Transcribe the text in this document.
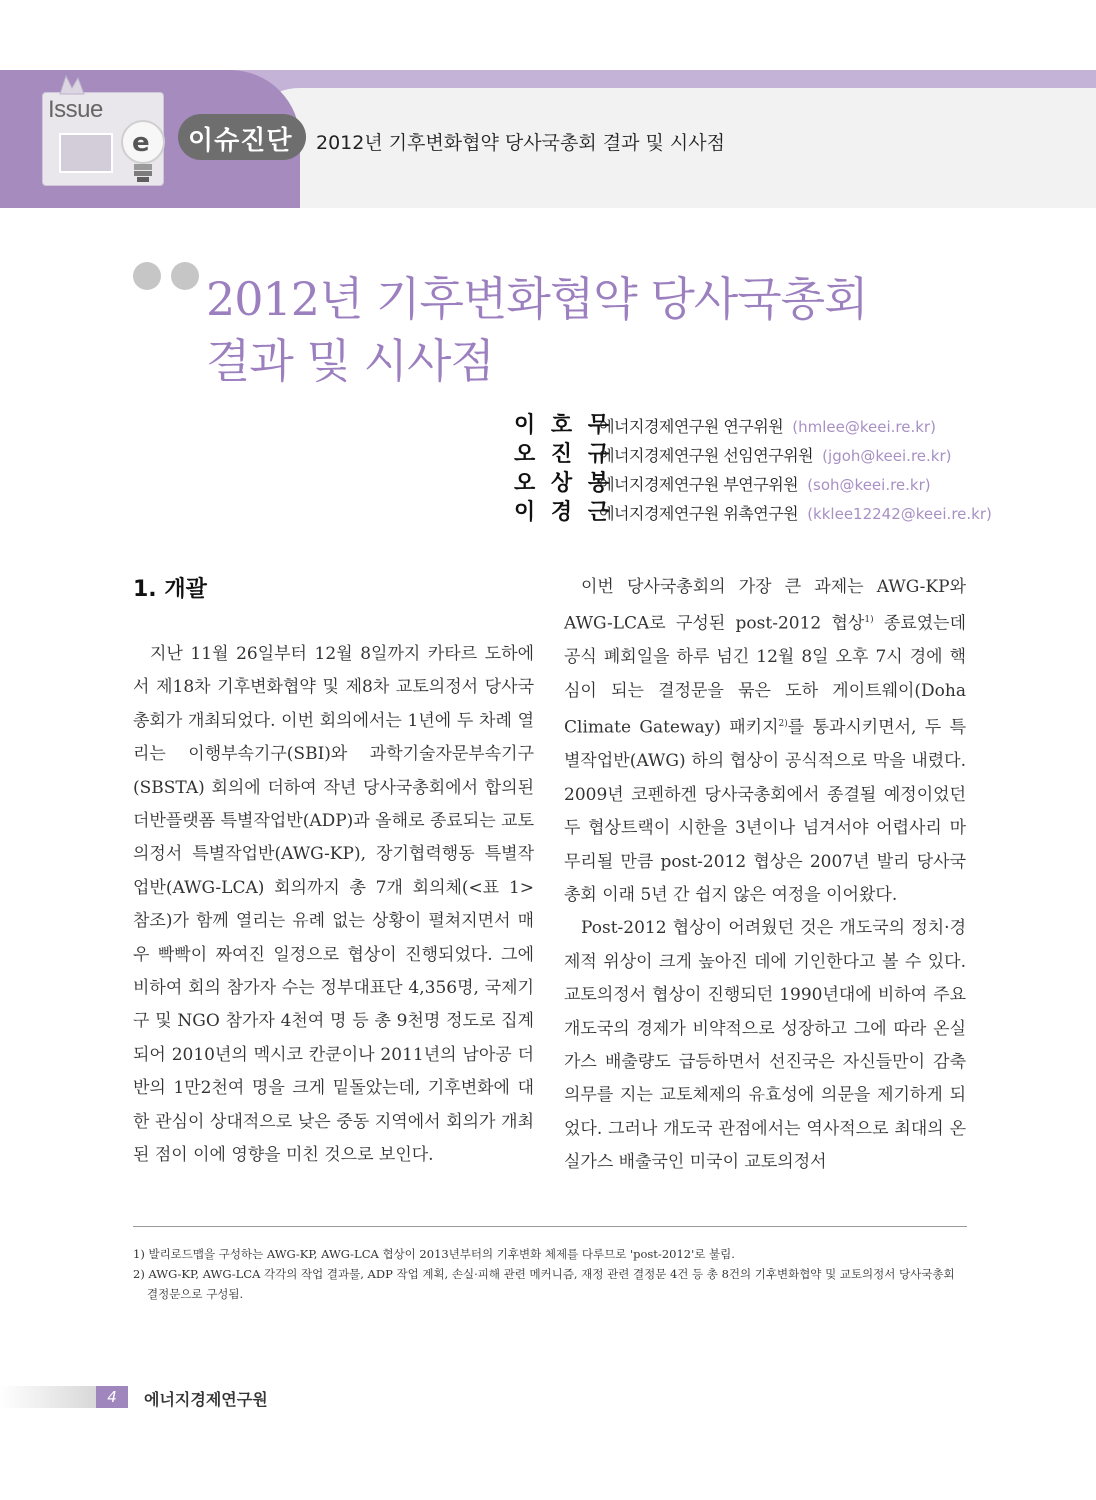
Issue
e 이슈진단 2012년 기후변화협약 당사국총회 결과 및 시사점
2012년 기후변화협약 당사국총회
결과 및 시사점
이 호 무 에너지경제연구원 연구위원 (hmlee@keei.re.kr)
오 진 규 에너지경제연구원 선임연구위원 (jgoh@keei.re.kr)
오 상 봉 에너지경제연구원 부연구위원 (soh@keei.re.kr)
이 경 근 에너지경제연구원 위촉연구원 (kklee12242@keei.re.kr)
1. 개괄

지난 11월 26일부터 12월 8일까지 카타르 도하에서 제18차 기후변화협약 및 제8차 교토의정서 당사국총회가 개최되었다. 이번 회의에서는 1년에 두 차례 열리는 이행부속기구(SBI)와 과학기술자문부속기구(SBSTA) 회의에 더하여 작년 당사국총회에서 합의된 더반플랫폼 특별작업반(ADP)과 올해로 종료되는 교토의정서 특별작업반(AWG-KP), 장기협력행동 특별작업반(AWG-LCA) 회의까지 총 7개 회의체(<표 1> 참조)가 함께 열리는 유례 없는 상황이 펼쳐지면서 매우 빡빡이 짜여진 일정으로 협상이 진행되었다. 그에 비하여 회의 참가자 수는 정부대표단 4,356명, 국제기구 및 NGO 참가자 4천여 명 등 총 9천명 정도로 집계되어 2010년의 멕시코 칸쿤이나 2011년의 남아공 더반의 1만2천여 명을 크게 밑돌았는데, 기후변화에 대한 관심이 상대적으로 낮은 중동 지역에서 회의가 개최된 점이 이에 영향을 미친 것으로 보인다.

이번 당사국총회의 가장 큰 과제는 AWG-KP와 AWG-LCA로 구성된 post-2012 협상$^{1)}$ 종료였는데 공식 폐회일을 하루 넘긴 12월 8일 오후 7시 경에 핵심이 되는 결정문을 묶은 도하 게이트웨이(Doha Climate Gateway) 패키지$^{2)}$를 통과시키면서, 두 특별작업반(AWG) 하의 협상이 공식적으로 막을 내렸다. 2009년 코펜하겐 당사국총회에서 종결될 예정이었던 두 협상트랙이 시한을 3년이나 넘겨서야 어렵사리 마무리될 만큼 post-2012 협상은 2007년 발리 당사국총회 이래 5년 간 쉽지 않은 여정을 이어왔다.

Post-2012 협상이 어려웠던 것은 개도국의 정치·경제적 위상이 크게 높아진 데에 기인한다고 볼 수 있다. 교토의정서 협상이 진행되던 1990년대에 비하여 주요 개도국의 경제가 비약적으로 성장하고 그에 따라 온실가스 배출량도 급등하면서 선진국은 자신들만이 감축의무를 지는 교토체제의 유효성에 의문을 제기하게 되었다. 그러나 개도국 관점에서는 역사적으로 최대의 온실가스 배출국인 미국이 교토의정서

1) 발리로드맵을 구성하는 AWG-KP, AWG-LCA 협상이 2013년부터의 기후변화 체제를 다루므로 'post-2012'로 불림.

2) AWG-KP, AWG-LCA 각각의 작업 결과물, ADP 작업 계획, 손실·피해 관련 메커니즘, 재정 관련 결정문 4건 등 총 8건의 기후변화협약 및 교토의정서 당사국총회

결정문으로 구성됨.

4	에너지경제연구원
